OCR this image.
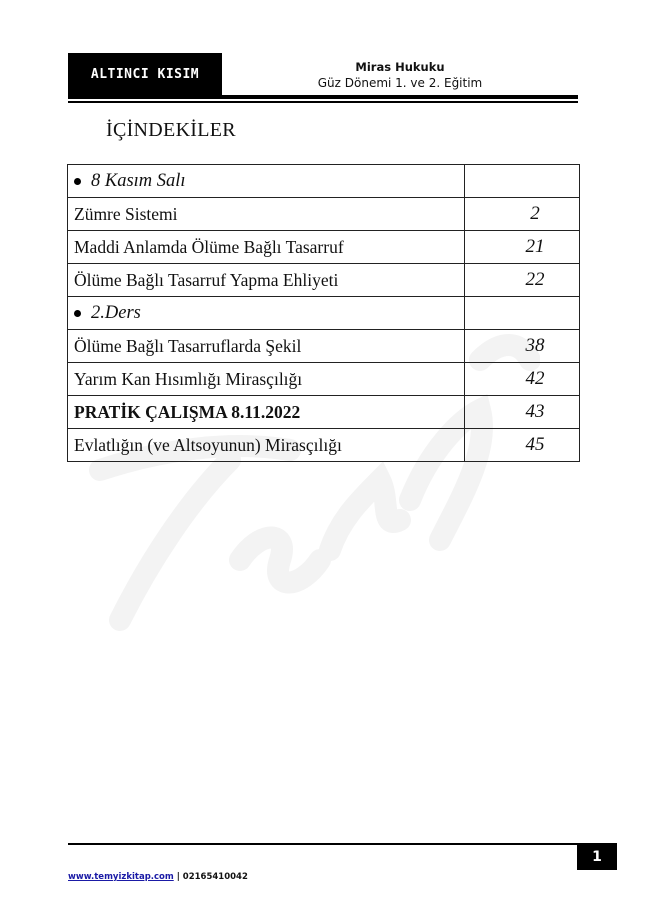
ALTINCI KISIM	Miras Hukuku
Güz Dönemi 1. ve 2. Eğitim
İÇİNDEKİLER
8 Kasım Salı	
Zümre Sistemi	2
Maddi Anlamda Ölüme Bağlı Tasarruf	21
Ölüme Bağlı Tasarruf Yapma Ehliyeti	22
2.Ders	
Ölüme Bağlı Tasarruflarda Şekil	38
Yarım Kan Hısımlığı Mirasçılığı	42
PRATİK ÇALIŞMA 8.11.2022	43
Evlatlığın (ve Altsoyunun) Mirasçılığı	45
1
www.temyizkitap.com | 02165410042
